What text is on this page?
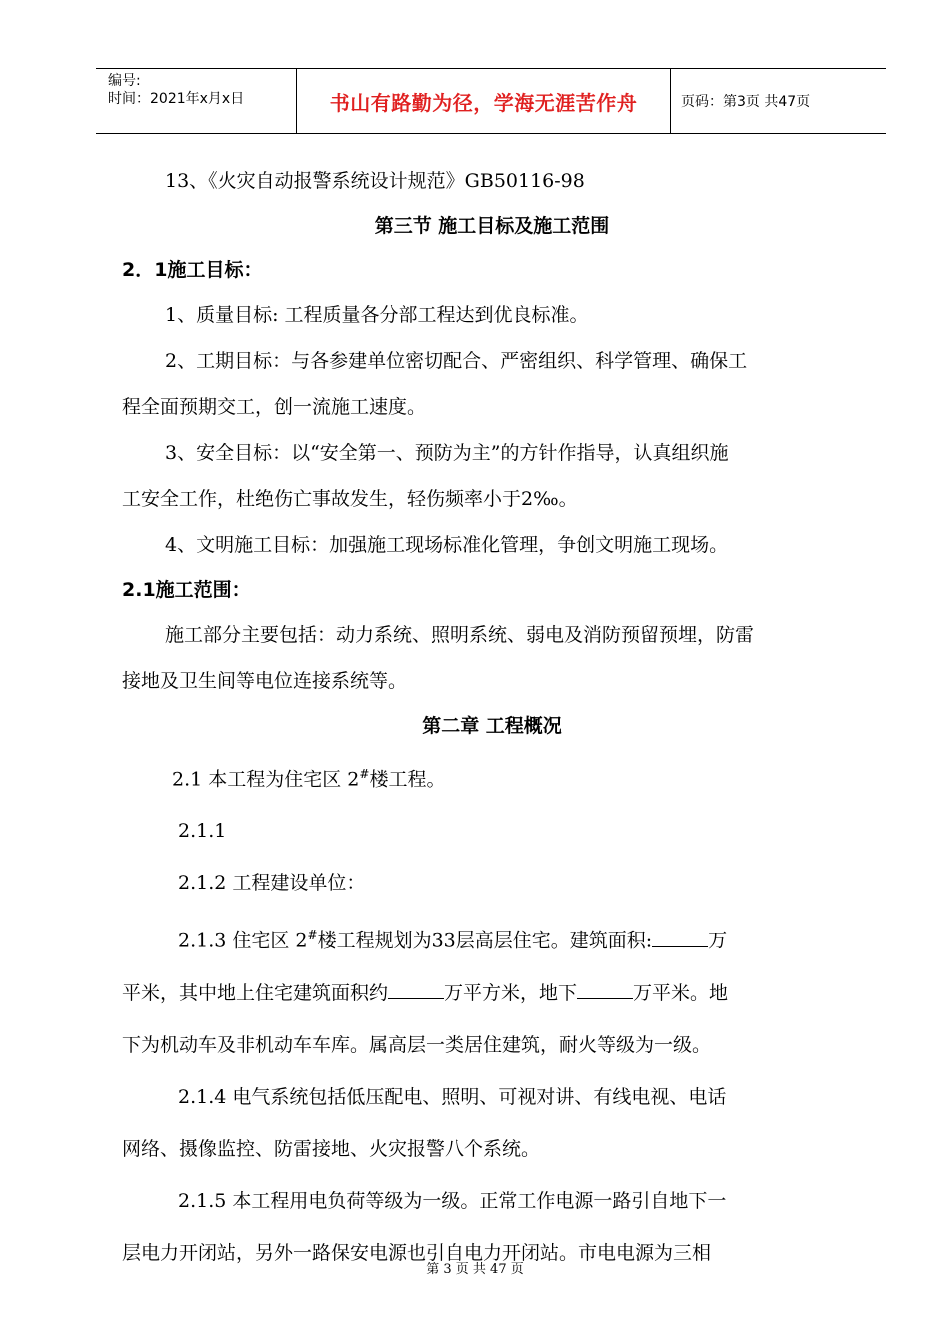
编号:
时间：2021年x月x日	书山有路勤为径，学海无涯苦作舟	页码：第3页 共47页

13、《火灾自动报警系统设计规范》GB50116-98

第三节 施工目标及施工范围

2．1施工目标：

1、质量目标: 工程质量各分部工程达到优良标准。

2、工期目标：与各参建单位密切配合、严密组织、科学管理、确保工

程全面预期交工，创一流施工速度。

3、安全目标：以“安全第一、预防为主”的方针作指导，认真组织施

工安全工作，杜绝伤亡事故发生，轻伤频率小于2‰。

4、文明施工目标：加强施工现场标准化管理，争创文明施工现场。

2.1施工范围：

施工部分主要包括：动力系统、照明系统、弱电及消防预留预埋，防雷

接地及卫生间等电位连接系统等。

第二章 工程概况

2.1 本工程为住宅区 2#楼工程。

2.1.1

2.1.2 工程建设单位：

2.1.3 住宅区 2#楼工程规划为33层高层住宅。建筑面积:	万

平米，其中地上住宅建筑面积约	万平方米，地下	万平米。地

下为机动车及非机动车车库。属高层一类居住建筑，耐火等级为一级。

2.1.4 电气系统包括低压配电、照明、可视对讲、有线电视、电话

网络、摄像监控、防雷接地、火灾报警八个系统。

2.1.5 本工程用电负荷等级为一级。正常工作电源一路引自地下一

层电力开闭站，另外一路保安电源也引自电力开闭站。市电电源为三相

第 3 页 共 47 页
